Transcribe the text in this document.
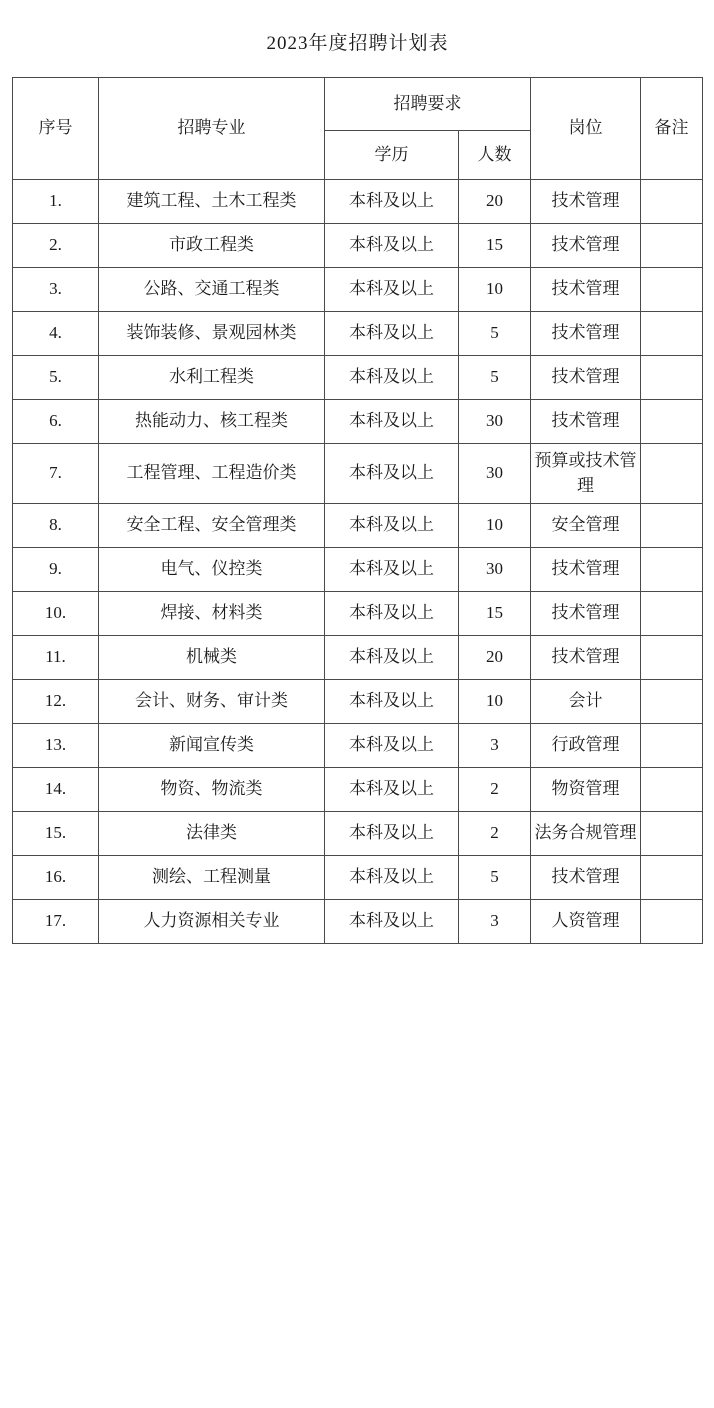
2023年度招聘计划表					
序号	招聘专业	招聘要求		岗位	备注
		学历	人数		
1.	建筑工程、土木工程类	本科及以上	20	技术管理	
2.	市政工程类	本科及以上	15	技术管理	
3.	公路、交通工程类	本科及以上	10	技术管理	
4.	装饰装修、景观园林类	本科及以上	5	技术管理	
5.	水利工程类	本科及以上	5	技术管理	
6.	热能动力、核工程类	本科及以上	30	技术管理	
7.	工程管理、工程造价类	本科及以上	30	预算或技术管理	
8.	安全工程、安全管理类	本科及以上	10	安全管理	
9.	电气、仪控类	本科及以上	30	技术管理	
10.	焊接、材料类	本科及以上	15	技术管理	
11.	机械类	本科及以上	20	技术管理	
12.	会计、财务、审计类	本科及以上	10	会计	
13.	新闻宣传类	本科及以上	3	行政管理	
14.	物资、物流类	本科及以上	2	物资管理	
15.	法律类	本科及以上	2	法务合规管理	
16.	测绘、工程测量	本科及以上	5	技术管理	
17.	人力资源相关专业	本科及以上	3	人资管理	
